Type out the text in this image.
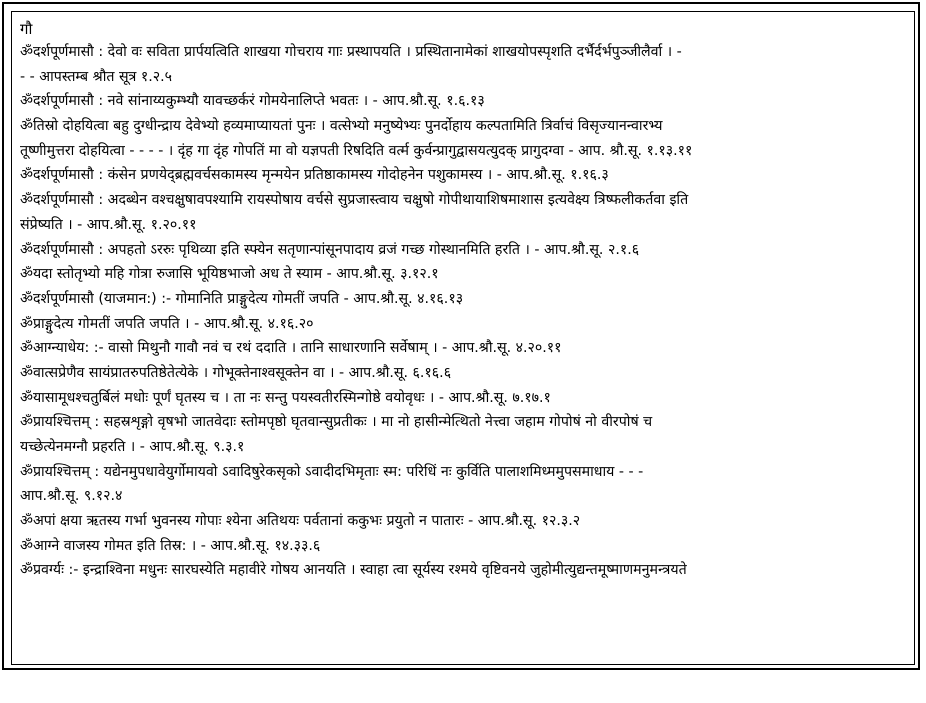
गौ
ॐदर्शपूर्णमासौ : देवो वः सविता प्रार्पयत्विति शाखया गोचराय गाः प्रस्थापयति । प्रस्थितानामेकां शाखयोपस्पृशति दर्भैर्दर्भपुञ्जीलैर्वा । -
- - आपस्तम्ब श्रौत सूत्र १.२.५
ॐदर्शपूर्णमासौ : नवे सांनाय्यकुम्भ्यौ यावच्छर्करं गोमयेनालिप्ते भवतः । - आप.श्रौ.सू. १.६.१३
ॐतिस्रो दोहयित्वा बहु दुग्धीन्द्राय देवेभ्यो हव्यमाप्यायतां पुनः । वत्सेभ्यो मनुष्येभ्यः पुनर्दोहाय कल्पतामिति त्रिर्वाचं विसृज्यानन्वारभ्य
तूष्णीमुत्तरा दोहयित्वा - - - - । दृंह गा दृंह गोपतिं मा वो यज्ञपती रिषदिति वर्त्म कुर्वन्प्रागुद्वासयत्युदक् प्रागुदग्वा - आप. श्रौ.सू. १.१३.११
ॐदर्शपूर्णमासौ : कंसेन प्रणयेद्ब्रह्मवर्चसकामस्य मृन्मयेन प्रतिष्ठाकामस्य गोदोहनेन पशुकामस्य । - आप.श्रौ.सू. १.१६.३
ॐदर्शपूर्णमासौ : अदब्धेन वश्चक्षुषावपश्यामि रायस्पोषाय वर्चसे सुप्रजास्त्वाय चक्षुषो गोपीथायाशिषमाशास इत्यवेक्ष्य त्रिष्फलीकर्तवा इति
संप्रेष्यति । - आप.श्रौ.सू. १.२०.११
ॐदर्शपूर्णमासौ : अपहतो ऽररुः पृथिव्या इति स्फ्येन सतृणान्पांसूनपादाय व्रजं गच्छ गोस्थानमिति हरति । - आप.श्रौ.सू. २.१.६
ॐयदा स्तोतृभ्यो महि गोत्रा रुजासि भूयिष्ठभाजो अध ते स्याम - आप.श्रौ.सू. ३.१२.१
ॐदर्शपूर्णमासौ (याजमान:) :- गोमानिति प्राङ्गुदेत्य गोमतीं जपति - आप.श्रौ.सू. ४.१६.१३
ॐप्राङ्गुदेत्य गोमतीं जपति जपति । - आप.श्रौ.सू. ४.१६.२०
ॐआग्न्याधेय: :- वासो मिथुनौ गावौ नवं च रथं ददाति । तानि साधारणानि सर्वेषाम् । - आप.श्रौ.सू. ४.२०.११
ॐवात्सप्रेणैव सायंप्रातरुपतिष्ठेतेत्येके । गोभूक्तेनाश्वसूक्तेन वा । - आप.श्रौ.सू. ६.१६.६
ॐयासामूधश्चतुर्बिलं मधोः पूर्णं घृतस्य च । ता नः सन्तु पयस्वतीरस्मिन्गोष्ठे वयोवृधः । - आप.श्रौ.सू. ७.१७.१
ॐप्रायश्चित्तम् : सहस्रशृङ्गो वृषभो जातवेदाः स्तोमपृष्ठो घृतवान्सुप्रतीकः । मा नो हासीन्मेत्थितो नेत्त्वा जहाम गोपोषं नो वीरपोषं च
यच्छेत्येनमग्नौ प्रहरति । - आप.श्रौ.सू. ९.३.१
ॐप्रायश्चित्तम् : यद्येनमुपधावेयुर्गोमायवो ऽवादिषुरेकसृको ऽवादीदभिमृताः स्म: परिधिं नः कुर्विति पालाशमिध्ममुपसमाधाय - - -
आप.श्रौ.सू. ९.१२.४
ॐअपां क्षया ऋतस्य गर्भा भुवनस्य गोपाः श्येना अतिथयः पर्वतानां ककुभः प्रयुतो न पातारः - आप.श्रौ.सू. १२.३.२
ॐआग्ने वाजस्य गोमत इति तिस्र: । - आप.श्रौ.सू. १४.३३.६
ॐप्रवर्ग्यः :- इन्द्राश्विना मधुनः सारघस्येति महावीरे गोषय आनयति । स्वाहा त्वा सूर्यस्य रश्मये वृष्टिवनये जुहोमीत्युद्यन्तमूष्माणमनुमन्त्रयते
